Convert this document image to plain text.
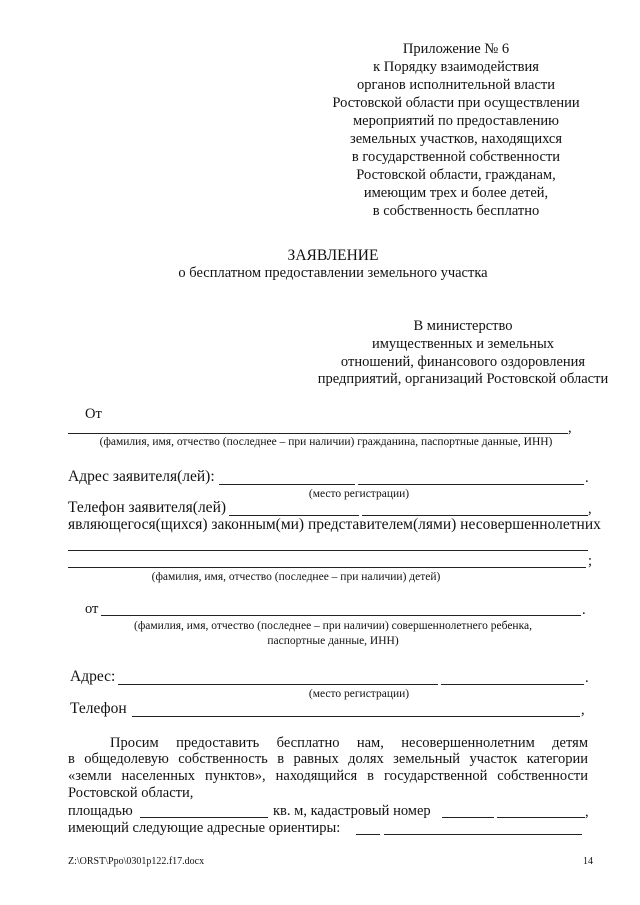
Приложение № 6
к Порядку взаимодействия
органов исполнительной власти
Ростовской области при осуществлении
мероприятий по предоставлению
земельных участков, находящихся
в государственной собственности
Ростовской области, гражданам,
имеющим трех и более детей,
в собственность бесплатно
ЗАЯВЛЕНИЕ
о бесплатном предоставлении земельного участка
В министерство
имущественных и земельных
отношений, финансового оздоровления
предприятий, организаций Ростовской области
От
,
(фамилия, имя, отчество (последнее – при наличии) гражданина, паспортные данные, ИНН)
Адрес заявителя(лей):	.
(место регистрации)
Телефон заявителя(лей)	,
являющегося(щихся) законным(ми) представителем(лями) несовершеннолетних
;
(фамилия, имя, отчество (последнее – при наличии) детей)
от	.
(фамилия, имя, отчество (последнее – при наличии) совершеннолетнего ребенка,
паспортные данные, ИНН)
Адрес:	.
(место регистрации)
Телефон	,
Просим предоставить бесплатно нам, несовершеннолетним детям
в общедолевую собственность в равных долях земельный участок категории
«земли населенных пунктов», находящийся в государственной собственности
Ростовской области,
площадью	кв. м, кадастровый номер	,
имеющий следующие адресные ориентиры:
Z:\ORST\Ppo\0301p122.f17.docx	14
